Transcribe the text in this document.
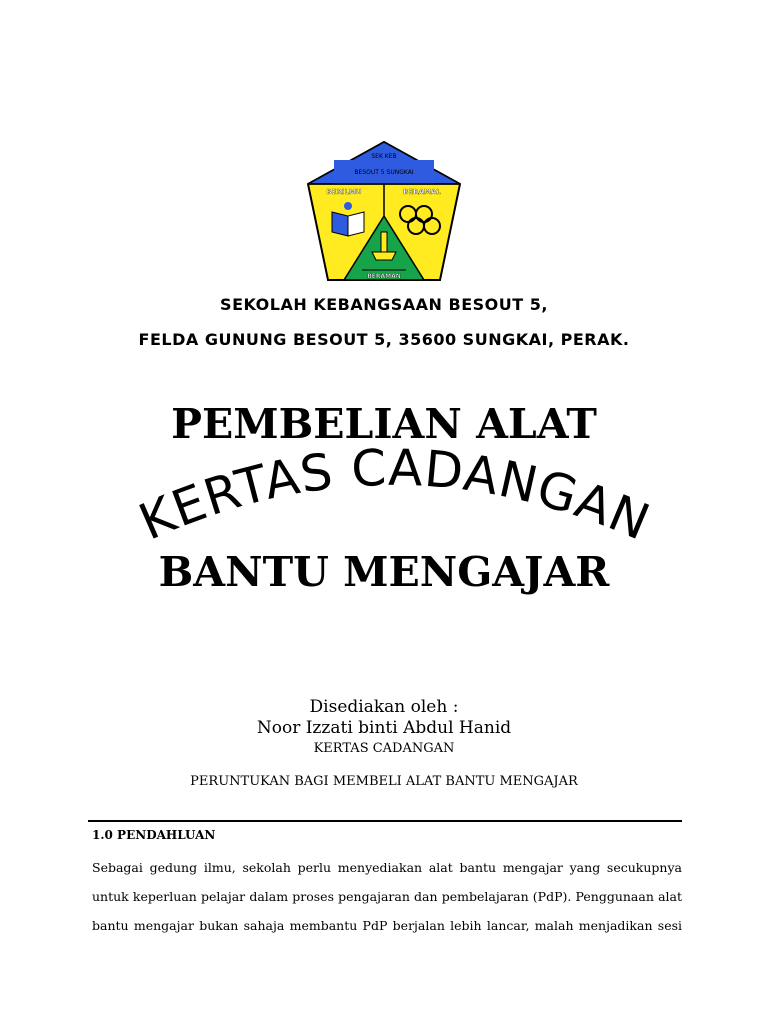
SEK KEB
BESOUT 5 SUNGKAI
BERILMU	BERAMAL
BERAMAN
SEKOLAH KEBANGSAAN BESOUT 5,
FELDA GUNUNG BESOUT 5, 35600 SUNGKAI, PERAK.
PEMBELIAN ALAT
KERTAS CADANGAN
BANTU MENGAJAR
Disediakan oleh :
Noor Izzati binti Abdul Hanid
KERTAS CADANGAN
PERUNTUKAN BAGI MEMBELI ALAT BANTU MENGAJAR
1.0 PENDAHLUAN
Sebagai gedung ilmu, sekolah perlu menyediakan alat bantu mengajar yang secukupnya
untuk keperluan pelajar dalam proses pengajaran dan pembelajaran (PdP). Penggunaan alat
bantu mengajar bukan sahaja membantu PdP berjalan lebih lancar, malah menjadikan sesi
